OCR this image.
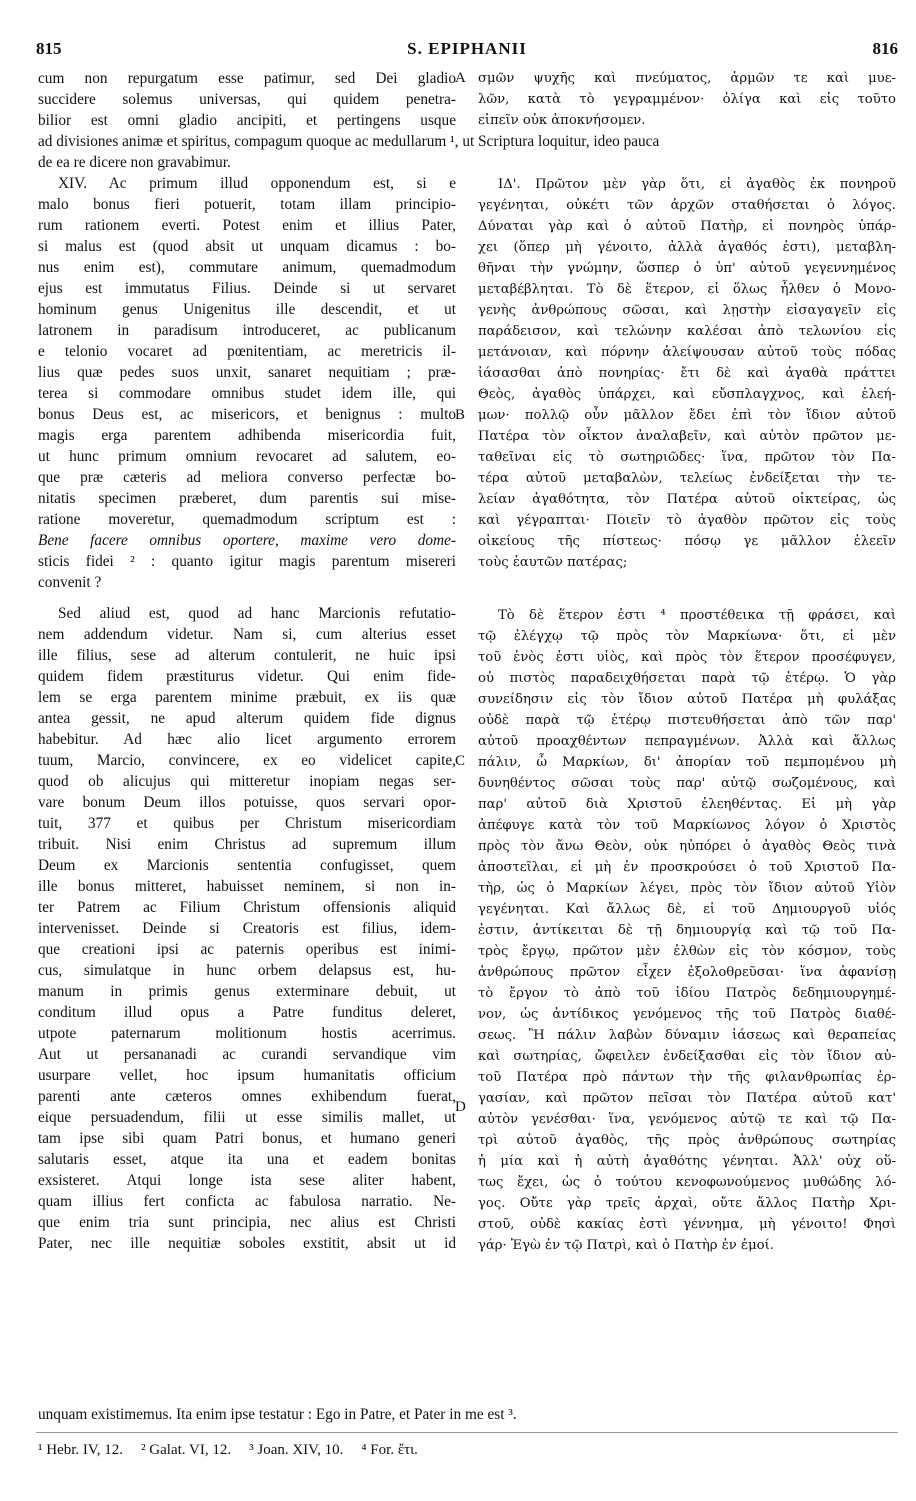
815	S. EPIPHANII	816
cum non repurgatum esse patimur, sed Dei gladio
succidere solemus universas, qui quidem penetra-
bilior est omni gladio ancipiti, et pertingens usque
σμῶν ψυχῆς καὶ πνεύματος, ἁρμῶν τε καὶ μυε-
λῶν, κατὰ τὸ γεγραμμένον· ὀλίγα καὶ εἰς τοῦτο
εἰπεῖν οὐκ ἀποκνήσομεν.
ad divisiones animæ et spiritus, compagum quoque ac medullarum ¹, ut Scriptura loquitur, ideo pauca
de ea re dicere non gravabimur.
XIV. Ac primum illud opponendum est, si e
malo bonus fieri potuerit, totam illam principio-
rum rationem everti. Potest enim et illius Pater,
si malus est (quod absit ut unquam dicamus : bo-
nus enim est), commutare animum, quemadmodum
ejus est immutatus Filius. Deinde si ut servaret
hominum genus Unigenitus ille descendit, et ut
latronem in paradisum introduceret, ac publicanum
e telonio vocaret ad pœnitentiam, ac meretricis il-
lius quæ pedes suos unxit, sanaret nequitiam ; præ-
terea si commodare omnibus studet idem ille, qui
bonus Deus est, ac misericors, et benignus : multo
magis erga parentem adhibenda misericordia fuit,
ut hunc primum omnium revocaret ad salutem, eo-
que præ cæteris ad meliora converso perfectæ bo-
nitatis specimen præberet, dum parentis sui mise-
ratione moveretur, quemadmodum scriptum est :
Bene facere omnibus oportere, maxime vero dome-
sticis fidei ² : quanto igitur magis parentum misereri
convenit ?
Sed aliud est, quod ad hanc Marcionis refutatio-
nem addendum videtur. Nam si, cum alterius esset
ille filius, sese ad alterum contulerit, ne huic ipsi
quidem fidem præstiturus videtur. Qui enim fide-
lem se erga parentem minime præbuit, ex iis quæ
antea gessit, ne apud alterum quidem fide dignus
habebitur. Ad hæc alio licet argumento errorem
tuum, Marcio, convincere, ex eo videlicet capite,
quod ob alicujus qui mitteretur inopiam negas ser-
vare bonum Deum illos potuisse, quos servari opor-
tuit, 377 et quibus per Christum misericordiam
tribuit. Nisi enim Christus ad supremum illum
Deum ex Marcionis sententia confugisset, quem
ille bonus mitteret, habuisset neminem, si non in-
ter Patrem ac Filium Christum offensionis aliquid
intervenisset. Deinde si Creatoris est filius, idem-
que creationi ipsi ac paternis operibus est inimi-
cus, simulatque in hunc orbem delapsus est, hu-
manum in primis genus exterminare debuit, ut
conditum illud opus a Patre funditus deleret,
utpote paternarum molitionum hostis acerrimus.
Aut ut persananadi ac curandi servandique vim
usurpare vellet, hoc ipsum humanitatis officium
parenti ante cæteros omnes exhibendum fuerat,
eique persuadendum, filii ut esse similis mallet, ut
tam ipse sibi quam Patri bonus, et humano generi
salutaris esset, atque ita una et eadem bonitas
exsisteret. Atqui longe ista sese aliter habent,
quam illius fert conficta ac fabulosa narratio. Ne-
que enim tria sunt principia, nec alius est Christi
Pater, nec ille nequitiæ soboles exstitit, absit ut id
ΙΔ'. Πρῶτον μὲν γὰρ ὅτι, εἰ ἀγαθὸς ἐκ πονηροῦ
γεγένηται, οὐκέτι τῶν ἀρχῶν σταθήσεται ὁ λόγος.
Δύναται γὰρ καὶ ὁ αὐτοῦ Πατὴρ, εἰ πονηρὸς ὑπάρ-
χει (ὅπερ μὴ γένοιτο, ἀλλὰ ἀγαθός ἐστι), μεταβλη-
θῆναι τὴν γνώμην, ὥσπερ ὁ ὑπ' αὐτοῦ γεγεννημένος
μεταβέβληται. Τὸ δὲ ἕτερον, εἰ ὅλως ἦλθεν ὁ Μονο-
γενὴς ἀνθρώπους σῶσαι, καὶ λῃστὴν εἰσαγαγεῖν εἰς
παράδεισον, καὶ τελώνην καλέσαι ἀπὸ τελωνίου εἰς
μετάνοιαν, καὶ πόρνην ἀλείψουσαν αὐτοῦ τοὺς πόδας
ἰάσασθαι ἀπὸ πονηρίας· ἔτι δὲ καὶ ἀγαθὰ πράττει
Θεὸς, ἀγαθὸς ὑπάρχει, καὶ εὔσπλαγχνος, καὶ ἐλεή-
μων· πολλῷ οὖν μᾶλλον ἔδει ἐπὶ τὸν ἴδιον αὐτοῦ
Πατέρα τὸν οἶκτον ἀναλαβεῖν, καὶ αὐτὸν πρῶτον με-
ταθεῖναι εἰς τὸ σωτηριῶδες· ἵνα, πρῶτον τὸν Πα-
τέρα αὐτοῦ μεταβαλὼν, τελείως ἐνδείξεται τὴν τε-
λείαν ἀγαθότητα, τὸν Πατέρα αὐτοῦ οἰκτείρας, ὡς
καὶ γέγραπται· Ποιεῖν τὸ ἀγαθὸν πρῶτον εἰς τοὺς
οἰκείους τῆς πίστεως· πόσῳ γε μᾶλλον ἐλεεῖν
τοὺς ἑαυτῶν πατέρας;
Τὸ δὲ ἕτερον ἐστι ⁴ προστέθεικα τῇ φράσει, καὶ
τῷ ἐλέγχῳ τῷ πρὸς τὸν Μαρκίωνα· ὅτι, εἰ μὲν
τοῦ ἑνὸς ἐστι υἱὸς, καὶ πρὸς τὸν ἕτερον προσέφυγεν,
οὐ πιστὸς παραδειχθήσεται παρὰ τῷ ἑτέρῳ. Ὁ γὰρ
συνείδησιν εἰς τὸν ἴδιον αὐτοῦ Πατέρα μὴ φυλάξας
οὐδὲ παρὰ τῷ ἑτέρῳ πιστευθήσεται ἀπὸ τῶν παρ'
αὐτοῦ προαχθέντων πεπραγμένων. Ἀλλὰ καὶ ἄλλως
πάλιν, ὦ Μαρκίων, δι' ἀπορίαν τοῦ πεμπομένου μὴ
δυνηθέντος σῶσαι τοὺς παρ' αὐτῷ σωζομένους, καὶ
παρ' αὐτοῦ διὰ Χριστοῦ ἐλεηθέντας. Εἰ μὴ γὰρ
ἀπέφυγε κατὰ τὸν τοῦ Μαρκίωνος λόγον ὁ Χριστὸς
πρὸς τὸν ἄνω Θεὸν, οὐκ ηὐπόρει ὁ ἀγαθὸς Θεὸς τινὰ
ἀποστεῖλαι, εἰ μὴ ἐν προσκρούσει ὁ τοῦ Χριστοῦ Πα-
τὴρ, ὡς ὁ Μαρκίων λέγει, πρὸς τὸν ἴδιον αὐτοῦ Υἱὸν
γεγένηται. Καὶ ἄλλως δὲ, εἰ τοῦ Δημιουργοῦ υἱός
ἐστιν, ἀντίκειται δὲ τῇ δημιουργίᾳ καὶ τῷ τοῦ Πα-
τρὸς ἔργῳ, πρῶτον μὲν ἐλθὼν εἰς τὸν κόσμον, τοὺς
ἀνθρώπους πρῶτον εἶχεν ἐξολοθρεῦσαι· ἵνα ἀφανίσῃ
τὸ ἔργον τὸ ἀπὸ τοῦ ἰδίου Πατρὸς δεδημιουργημέ-
νον, ὡς ἀντίδικος γενόμενος τῆς τοῦ Πατρὸς διαθέ-
σεως. Ἢ πάλιν λαβὼν δύναμιν ἰάσεως καὶ θεραπείας
καὶ σωτηρίας, ὤφειλεν ἐνδείξασθαι εἰς τὸν ἴδιον αὐ-
τοῦ Πατέρα πρὸ πάντων τὴν τῆς φιλανθρωπίας ἐρ-
γασίαν, καὶ πρῶτον πεῖσαι τὸν Πατέρα αὐτοῦ κατ'
αὐτὸν γενέσθαι· ἵνα, γενόμενος αὐτῷ τε καὶ τῷ Πα-
τρὶ αὐτοῦ ἀγαθὸς, τῆς πρὸς ἀνθρώπους σωτηρίας
ἡ μία καὶ ἡ αὐτὴ ἀγαθότης γένηται. Ἀλλ' οὐχ οὕ-
τως ἔχει, ὡς ὁ τούτου κενοφωνούμενος μυθώδης λό-
γος. Οὔτε γὰρ τρεῖς ἀρχαὶ, οὔτε ἄλλος Πατὴρ Χρι-
στοῦ, οὐδὲ κακίας ἐστὶ γέννημα, μὴ γένοιτο! Φησὶ
γάρ· Ἐγὼ ἐν τῷ Πατρὶ, καὶ ὁ Πατὴρ ἐν ἐμοί.
unquam existimemus. Ita enim ipse testatur : Ego in Patre, et Pater in me est ³.
A
B
C
D
¹ Hebr. IV, 12. ² Galat. VI, 12. ³ Joan. XIV, 10. ⁴ For. ἔτι.
